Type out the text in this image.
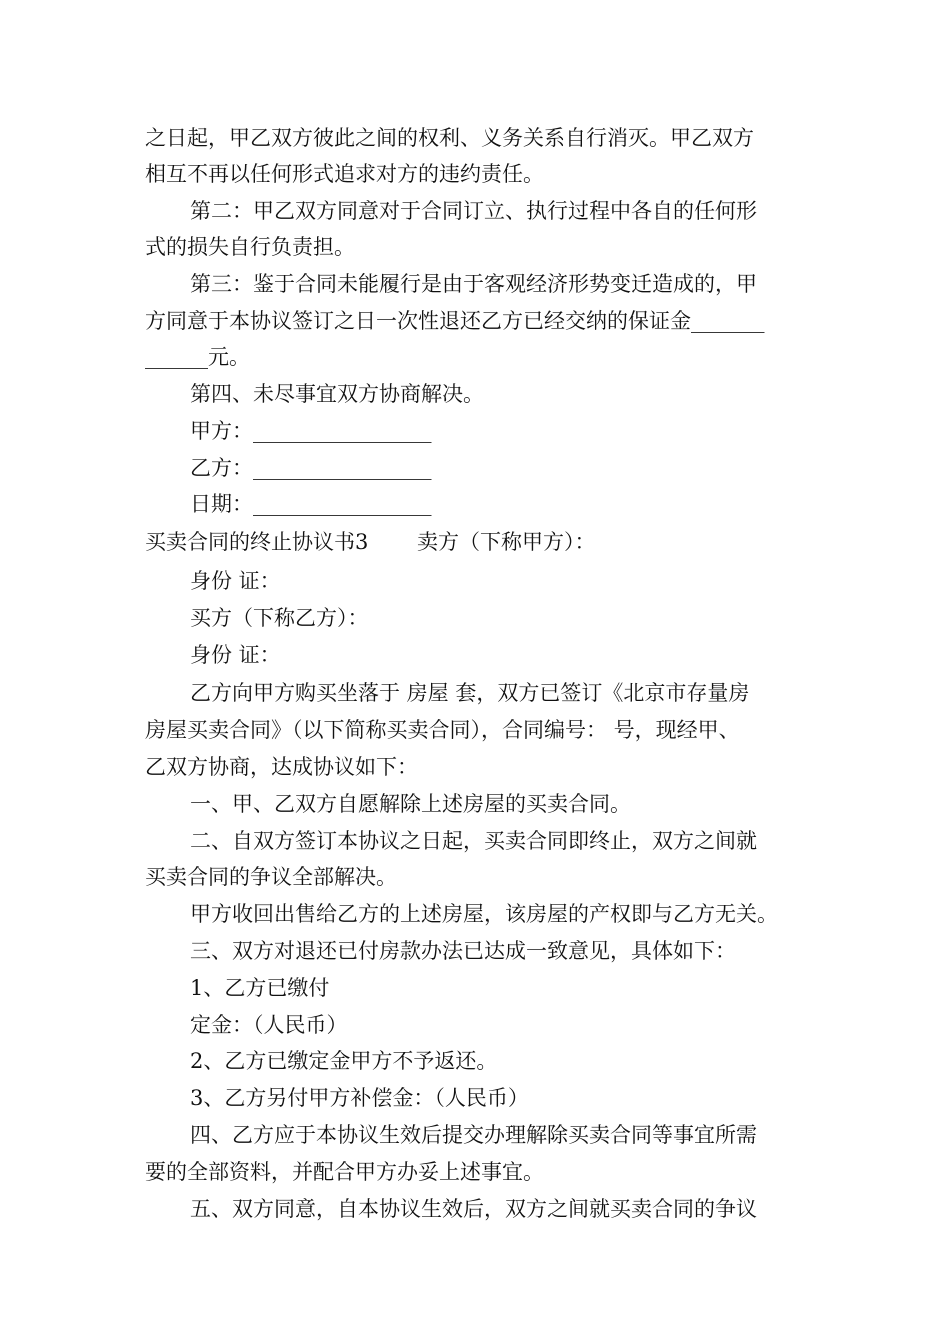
之日起，甲乙双方彼此之间的权利、义务关系自行消灭。甲乙双方
相互不再以任何形式追求对方的违约责任。
第二：甲乙双方同意对于合同订立、执行过程中各自的任何形
式的损失自行负责担。
第三：鉴于合同未能履行是由于客观经济形势变迁造成的，甲
方同意于本协议签订之日一次性退还乙方已经交纳的保证金_______
______元。
第四、未尽事宜双方协商解决。
甲方：_________________
乙方：_________________
日期：_________________
买卖合同的终止协议书3　　 卖方（下称甲方）：
身份 证：
买方（下称乙方）：
身份 证：
乙方向甲方购买坐落于 房屋 套，双方已签订《北京市存量房
房屋买卖合同》（以下简称买卖合同），合同编号： 号，现经甲、
乙双方协商，达成协议如下：
一、甲、乙双方自愿解除上述房屋的买卖合同。
二、自双方签订本协议之日起，买卖合同即终止，双方之间就
买卖合同的争议全部解决。
甲方收回出售给乙方的上述房屋，该房屋的产权即与乙方无关。
三、双方对退还已付房款办法已达成一致意见，具体如下：
1、乙方已缴付
定金：（人民币）
2、乙方已缴定金甲方不予返还。
3、乙方另付甲方补偿金：（人民币）
四、乙方应于本协议生效后提交办理解除买卖合同等事宜所需
要的全部资料，并配合甲方办妥上述事宜。
五、双方同意，自本协议生效后，双方之间就买卖合同的争议
